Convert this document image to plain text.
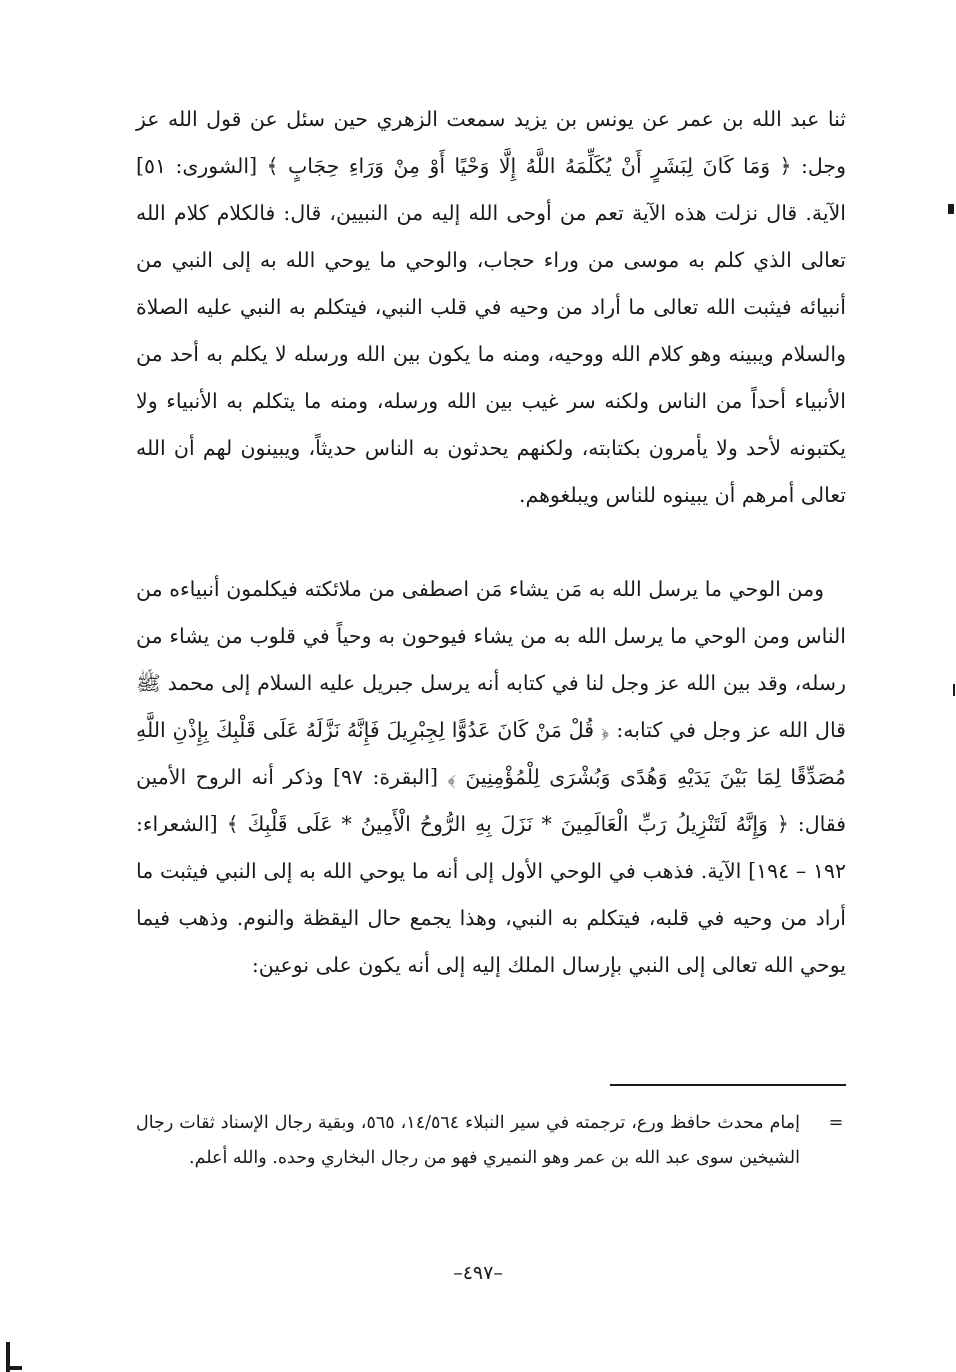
ثنا عبد الله بن عمر عن يونس بن يزيد سمعت الزهري حين سئل عن قول الله عز وجل: ﴿ وَمَا كَانَ لِبَشَرٍ أَنْ يُكَلِّمَهُ اللَّهُ إِلَّا وَحْيًا أَوْ مِنْ وَرَاءِ حِجَابٍ ﴾ [الشورى: ٥١] الآية. قال نزلت هذه الآية تعم من أوحى الله إليه من النبيين، قال: فالكلام كلام الله تعالى الذي كلم به موسى من وراء حجاب، والوحي ما يوحي الله به إلى النبي من أنبيائه فيثبت الله تعالى ما أراد من وحيه في قلب النبي، فيتكلم به النبي عليه الصلاة والسلام ويبينه وهو كلام الله ووحيه، ومنه ما يكون بين الله ورسله لا يكلم به أحد من الأنبياء أحداً من الناس ولكنه سر غيب بين الله ورسله، ومنه ما يتكلم به الأنبياء ولا يكتبونه لأحد ولا يأمرون بكتابته، ولكنهم يحدثون به الناس حديثاً، ويبينون لهم أن الله تعالى أمرهم أن يبينوه للناس ويبلغوهم.

ومن الوحي ما يرسل الله به مَن يشاء مَن اصطفى من ملائكته فيكلمون أنبياءه من الناس ومن الوحي ما يرسل الله به من يشاء فيوحون به وحياً في قلوب من يشاء من رسله، وقد بين الله عز وجل لنا في كتابه أنه يرسل جبريل عليه السلام إلى محمد ﷺ قال الله عز وجل في كتابه: ﴿ قُلْ مَنْ كَانَ عَدُوًّا لِجِبْرِيلَ فَإِنَّهُ نَزَّلَهُ عَلَى قَلْبِكَ بِإِذْنِ اللَّهِ مُصَدِّقًا لِمَا بَيْنَ يَدَيْهِ وَهُدًى وَبُشْرَى لِلْمُؤْمِنِينَ ﴾ [البقرة: ٩٧] وذكر أنه الروح الأمين فقال: ﴿ وَإِنَّهُ لَتَنْزِيلُ رَبِّ الْعَالَمِينَ * نَزَلَ بِهِ الرُّوحُ الْأَمِينُ * عَلَى قَلْبِكَ ﴾ [الشعراء: ١٩٢ – ١٩٤] الآية. فذهب في الوحي الأول إلى أنه ما يوحي الله به إلى النبي فيثبت ما أراد من وحيه في قلبه، فيتكلم به النبي، وهذا يجمع حال اليقظة والنوم. وذهب فيما يوحي الله تعالى إلى النبي بإرسال الملك إليه إلى أنه يكون على نوعين:

=
إمام محدث حافظ ورع، ترجمته في سير النبلاء ١٤/٥٦٤، ٥٦٥، وبقية رجال الإسناد ثقات رجال الشيخين سوى عبد الله بن عمر وهو النميري فهو من رجال البخاري وحده. والله أعلم.
–٤٩٧–
